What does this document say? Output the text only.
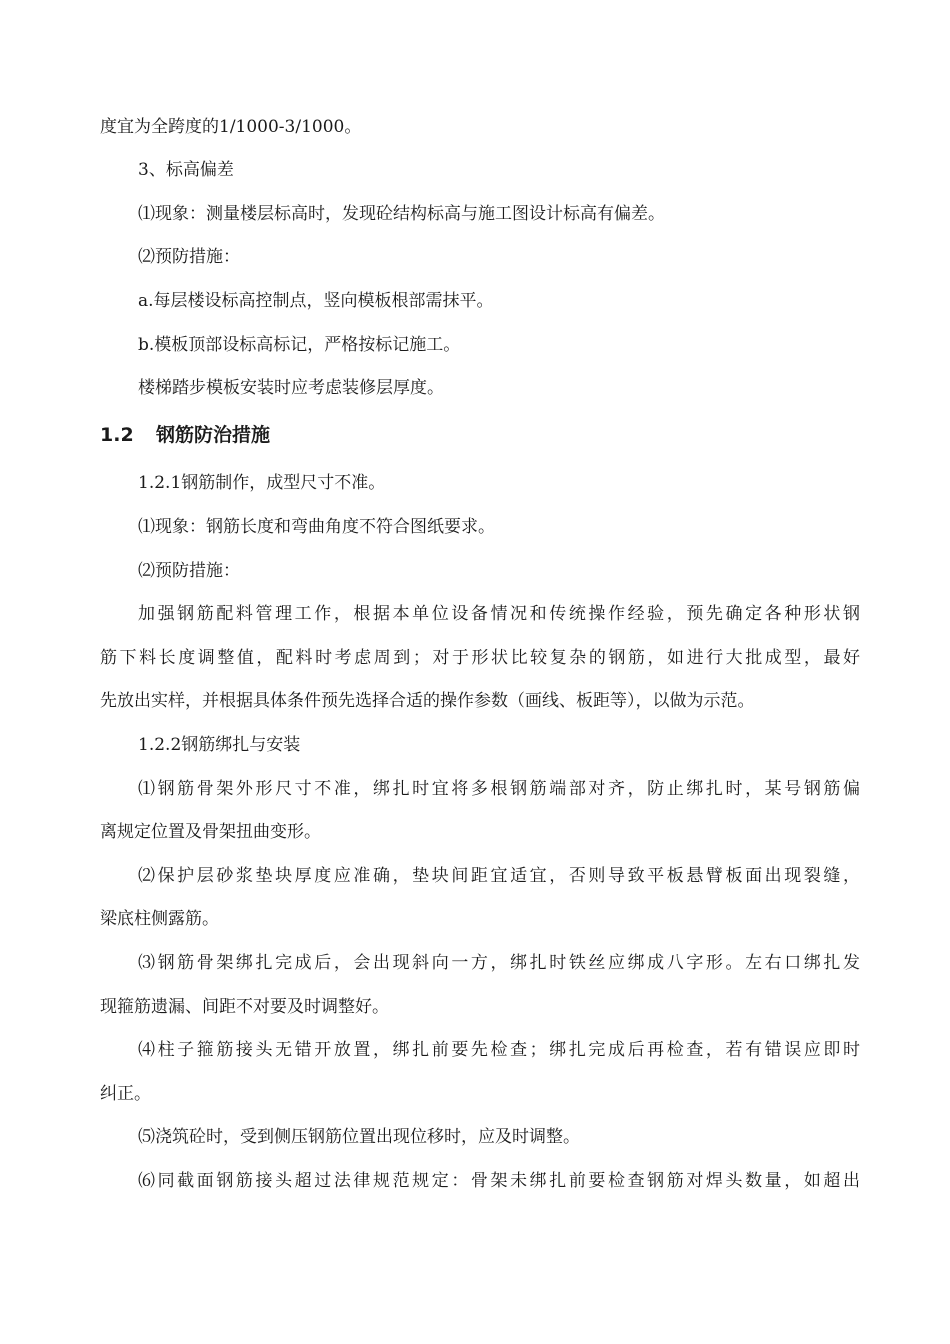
度宜为全跨度的1/1000-3/1000。
3、标高偏差
⑴现象：测量楼层标高时，发现砼结构标高与施工图设计标高有偏差。
⑵预防措施：
a.每层楼设标高控制点，竖向模板根部需抹平。
b.模板顶部设标高标记，严格按标记施工。
楼梯踏步模板安装时应考虑装修层厚度。
1.2 钢筋防治措施
1.2.1钢筋制作，成型尺寸不准。
⑴现象：钢筋长度和弯曲角度不符合图纸要求。
⑵预防措施：
加强钢筋配料管理工作，根据本单位设备情况和传统操作经验，预先确定各种形状钢
筋下料长度调整值，配料时考虑周到；对于形状比较复杂的钢筋，如进行大批成型，最好
先放出实样，并根据具体条件预先选择合适的操作参数（画线、板距等），以做为示范。
1.2.2钢筋绑扎与安装
⑴钢筋骨架外形尺寸不准，绑扎时宜将多根钢筋端部对齐，防止绑扎时，某号钢筋偏
离规定位置及骨架扭曲变形。
⑵保护层砂浆垫块厚度应准确，垫块间距宜适宜，否则导致平板悬臂板面出现裂缝，
梁底柱侧露筋。
⑶钢筋骨架绑扎完成后，会出现斜向一方，绑扎时铁丝应绑成八字形。左右口绑扎发
现箍筋遗漏、间距不对要及时调整好。
⑷柱子箍筋接头无错开放置，绑扎前要先检查；绑扎完成后再检查，若有错误应即时
纠正。
⑸浇筑砼时，受到侧压钢筋位置出现位移时，应及时调整。
⑹同截面钢筋接头超过法律规范规定：骨架未绑扎前要检查钢筋对焊头数量，如超出
